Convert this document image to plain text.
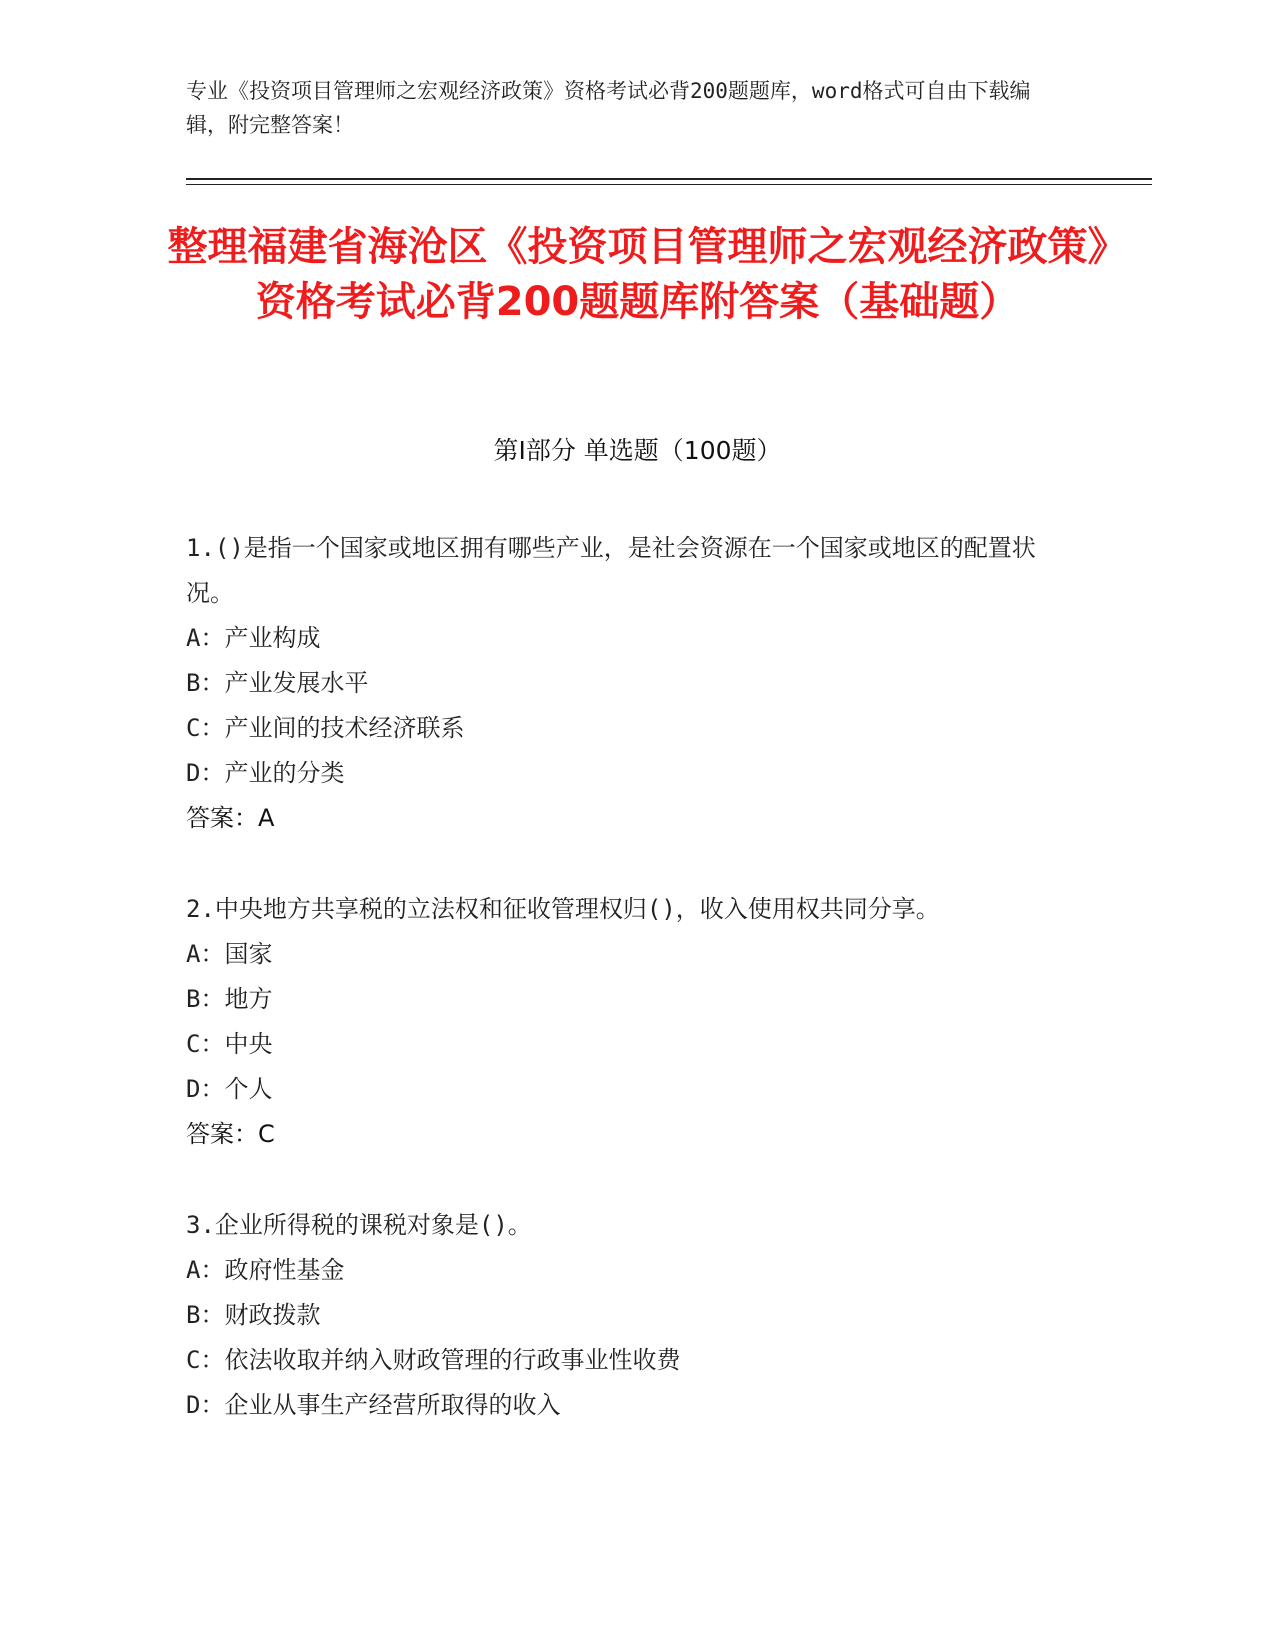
专业《投资项目管理师之宏观经济政策》资格考试必背200题题库，word格式可自由下载编辑，附完整答案！
整理福建省海沧区《投资项目管理师之宏观经济政策》资格考试必背200题题库附答案（基础题）
第Ⅰ部分 单选题（100题）

1.()是指一个国家或地区拥有哪些产业，是社会资源在一个国家或地区的配置状况。

A：产业构成

B：产业发展水平

C：产业间的技术经济联系

D：产业的分类

答案：A

2.中央地方共享税的立法权和征收管理权归()，收入使用权共同分享。

A：国家

B：地方

C：中央

D：个人

答案：C

3.企业所得税的课税对象是()。

A：政府性基金

B：财政拨款

C：依法收取并纳入财政管理的行政事业性收费

D：企业从事生产经营所取得的收入
